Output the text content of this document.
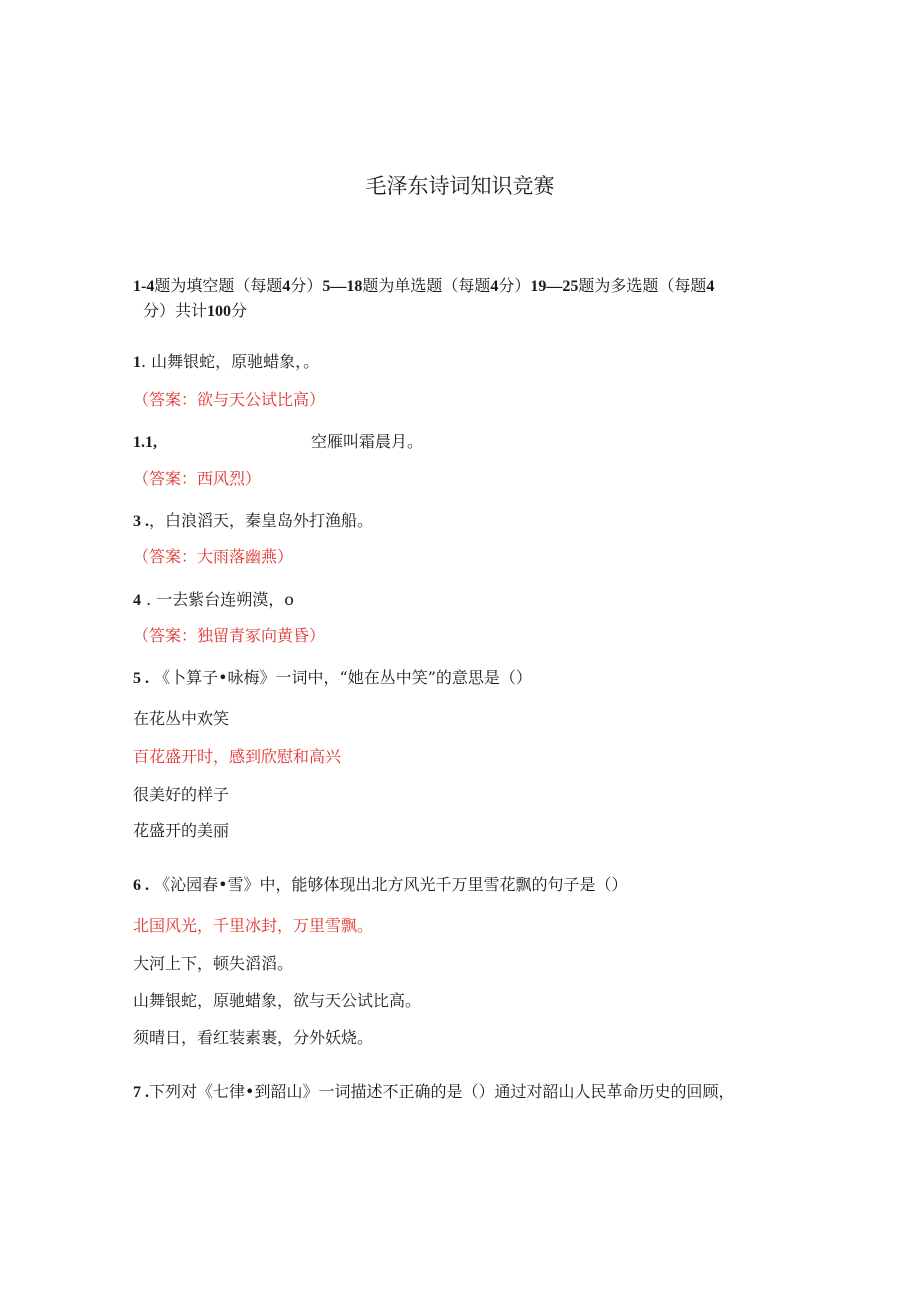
毛泽东诗词知识竞赛
1-4题为填空题（每题4分）5—18题为单选题（每题4分）19—25题为多选题（每题4
分）共计100分
1. 山舞银蛇，原驰蜡象，。
（答案：欲与天公试比高）
1.1,	空雁叫霜晨月。
（答案：西风烈）
3 .，白浪滔天，秦皇岛外打渔船。
（答案：大雨落幽燕）
4 . 一去紫台连朔漠，o
（答案：独留青冢向黄昏）
5 . 《卜算子•咏梅》一词中，“她在丛中笑”的意思是（）
在花丛中欢笑
百花盛开时，感到欣慰和高兴
很美好的样子
花盛开的美丽
6 . 《沁园春•雪》中，能够体现出北方风光千万里雪花飘的句子是（）
北国风光，千里冰封，万里雪飘。
大河上下，顿失滔滔。
山舞银蛇，原驰蜡象，欲与天公试比高。
须晴日，看红装素裹，分外妖烧。
7 .下列对《七律•到韶山》一词描述不正确的是（）通过对韶山人民革命历史的回顾，
